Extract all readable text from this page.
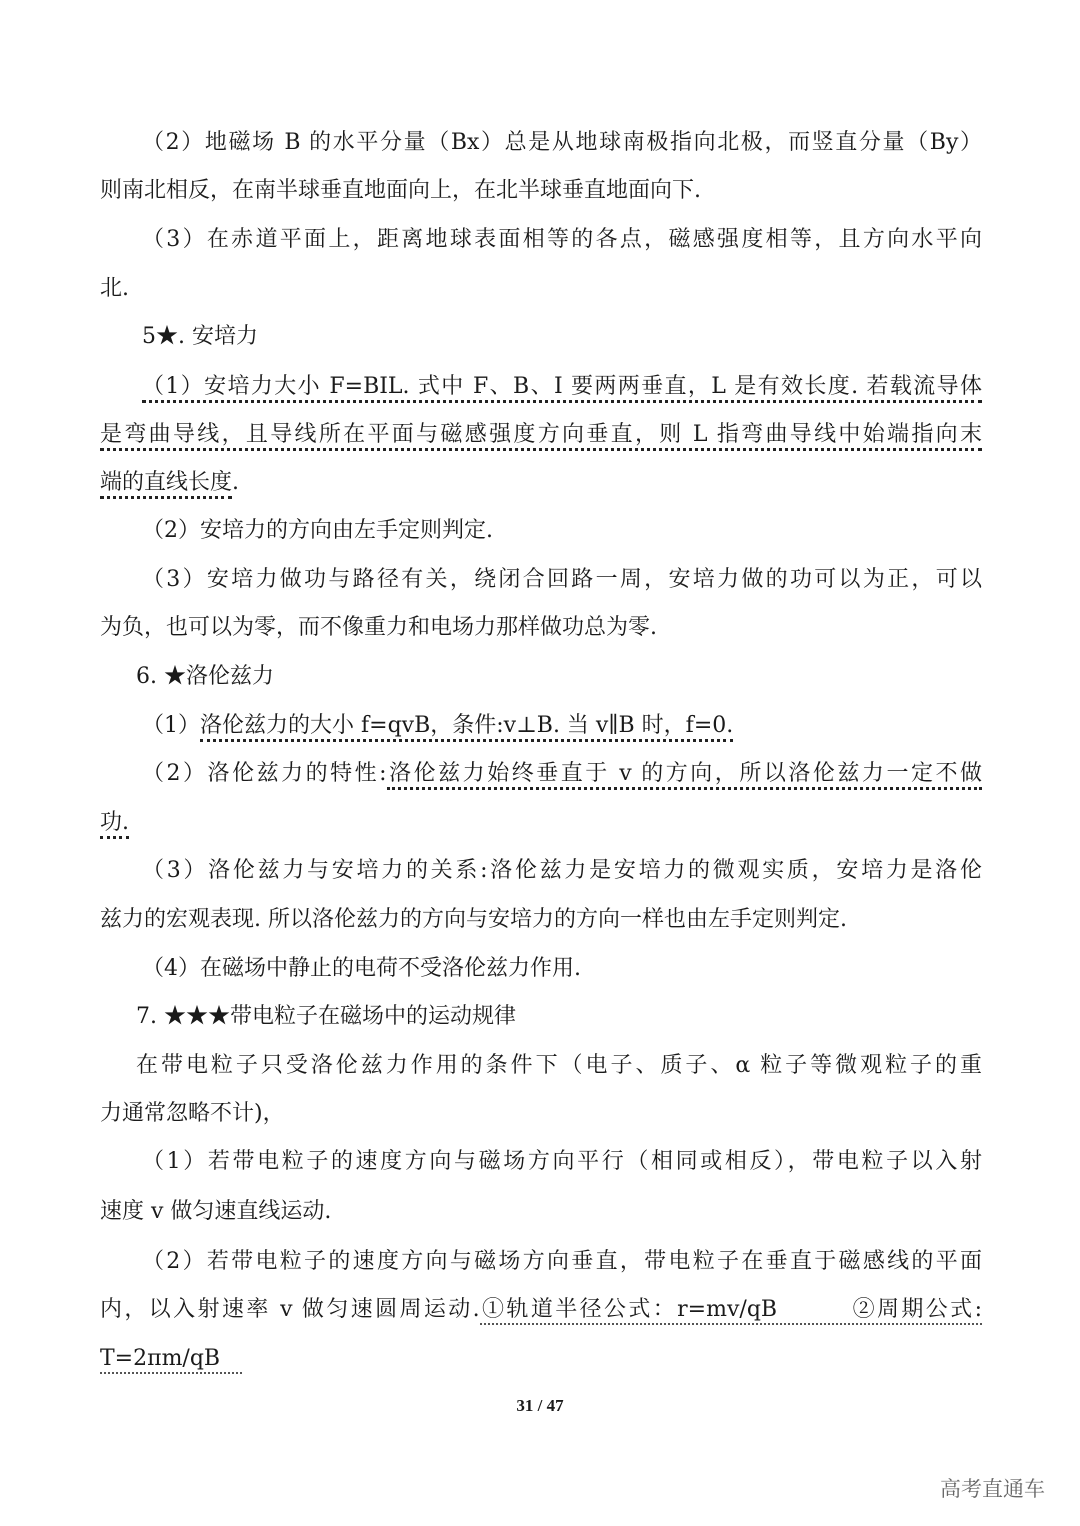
（2）地磁场 B 的水平分量（Bx）总是从地球南极指向北极，而竖直分量（By）
则南北相反，在南半球垂直地面向上，在北半球垂直地面向下.
（3）在赤道平面上，距离地球表面相等的各点，磁感强度相等，且方向水平向
北.
5★. 安培力
（1）安培力大小 F=BIL. 式中 F、B、I 要两两垂直，L 是有效长度. 若载流导体
是弯曲导线，且导线所在平面与磁感强度方向垂直，则 L 指弯曲导线中始端指向末
端的直线长度.
（2）安培力的方向由左手定则判定.
（3）安培力做功与路径有关，绕闭合回路一周，安培力做的功可以为正，可以
为负，也可以为零，而不像重力和电场力那样做功总为零.
6. ★洛伦兹力
（1）洛伦兹力的大小 f=qvB，条件:v⊥B. 当 v∥B 时，f=0.
（2）洛伦兹力的特性:洛伦兹力始终垂直于 v 的方向，所以洛伦兹力一定不做
功.
（3）洛伦兹力与安培力的关系:洛伦兹力是安培力的微观实质，安培力是洛伦
兹力的宏观表现. 所以洛伦兹力的方向与安培力的方向一样也由左手定则判定.
（4）在磁场中静止的电荷不受洛伦兹力作用.
7. ★★★带电粒子在磁场中的运动规律
在带电粒子只受洛伦兹力作用的条件下（电子、质子、α 粒子等微观粒子的重
力通常忽略不计)，
（1）若带电粒子的速度方向与磁场方向平行（相同或相反），带电粒子以入射
速度 v 做匀速直线运动.
（2）若带电粒子的速度方向与磁场方向垂直，带电粒子在垂直于磁感线的平面
内，以入射速率 v 做匀速圆周运动.①轨道半径公式：r=mv/qB　　　②周期公式:
T=2πm/qB　
31 / 47
高考直通车
